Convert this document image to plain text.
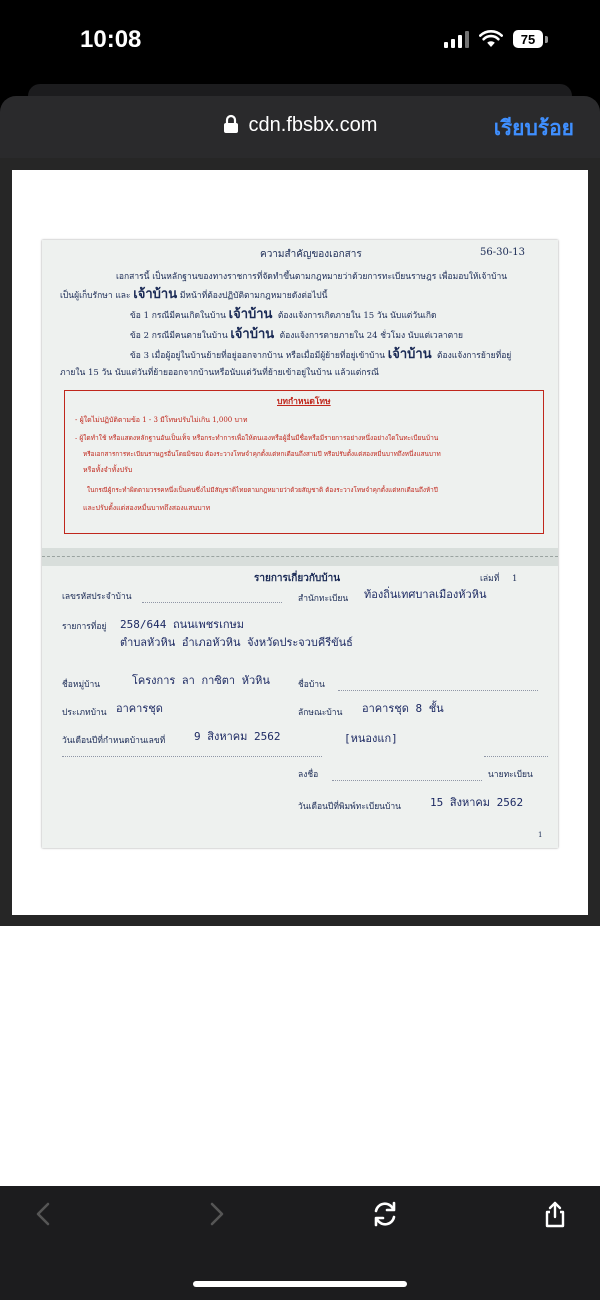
10:08	75
cdn.fbsbx.com	เรียบร้อย
ความสำคัญของเอกสาร	56-30-13
เอกสารนี้ เป็นหลักฐานของทางราชการที่จัดทำขึ้นตามกฎหมายว่าด้วยการทะเบียนราษฎร เพื่อมอบให้เจ้าบ้าน
เป็นผู้เก็บรักษา และ เจ้าบ้าน มีหน้าที่ต้องปฏิบัติตามกฎหมายดังต่อไปนี้
ข้อ 1 กรณีมีคนเกิดในบ้าน เจ้าบ้าน ต้องแจ้งการเกิดภายใน 15 วัน นับแต่วันเกิด
ข้อ 2 กรณีมีคนตายในบ้าน เจ้าบ้าน ต้องแจ้งการตายภายใน 24 ชั่วโมง นับแต่เวลาตาย
ข้อ 3 เมื่อผู้อยู่ในบ้านย้ายที่อยู่ออกจากบ้าน หรือเมื่อมีผู้ย้ายที่อยู่เข้าบ้าน เจ้าบ้าน ต้องแจ้งการย้ายที่อยู่
ภายใน 15 วัน นับแต่วันที่ย้ายออกจากบ้านหรือนับแต่วันที่ย้ายเข้าอยู่ในบ้าน แล้วแต่กรณี
บทกำหนดโทษ
- ผู้ใดไม่ปฏิบัติตามข้อ 1 - 3 มีโทษปรับไม่เกิน 1,000 บาท
- ผู้ใดทำใช้ หรือแสดงหลักฐานอันเป็นเท็จ หรือกระทำการเพื่อให้ตนเองหรือผู้อื่นมีชื่อหรือมีรายการอย่างหนึ่งอย่างใดในทะเบียนบ้าน
หรือเอกสารการทะเบียนราษฎรอื่นโดยมิชอบ ต้องระวางโทษจำคุกตั้งแต่หกเดือนถึงสามปี หรือปรับตั้งแต่สองหมื่นบาทถึงหนึ่งแสนบาท
หรือทั้งจำทั้งปรับ
ในกรณีผู้กระทำผิดตามวรรคหนึ่งเป็นคนซึ่งไม่มีสัญชาติไทยตามกฎหมายว่าด้วยสัญชาติ ต้องระวางโทษจำคุกตั้งแต่หกเดือนถึงห้าปี
และปรับตั้งแต่สองหมื่นบาทถึงสองแสนบาท
รายการเกี่ยวกับบ้าน	เล่มที่ 1
เลขรหัสประจำบ้าน	สำนักทะเบียน ท้องถิ่นเทศบาลเมืองหัวหิน
รายการที่อยู่ 258/644 ถนนเพชรเกษม
ตำบลหัวหิน อำเภอหัวหิน จังหวัดประจวบคีรีขันธ์
ชื่อหมู่บ้าน	โครงการ ลา กาซิตา หัวหิน	ชื่อบ้าน
ประเภทบ้าน อาคารชุด	ลักษณะบ้าน อาคารชุด 8 ชั้น
วันเดือนปีที่กำหนดบ้านเลขที่	9 สิงหาคม 2562	[หนองแก]
ลงชื่อ	นายทะเบียน
วันเดือนปีที่พิมพ์ทะเบียนบ้าน	15 สิงหาคม 2562
1
